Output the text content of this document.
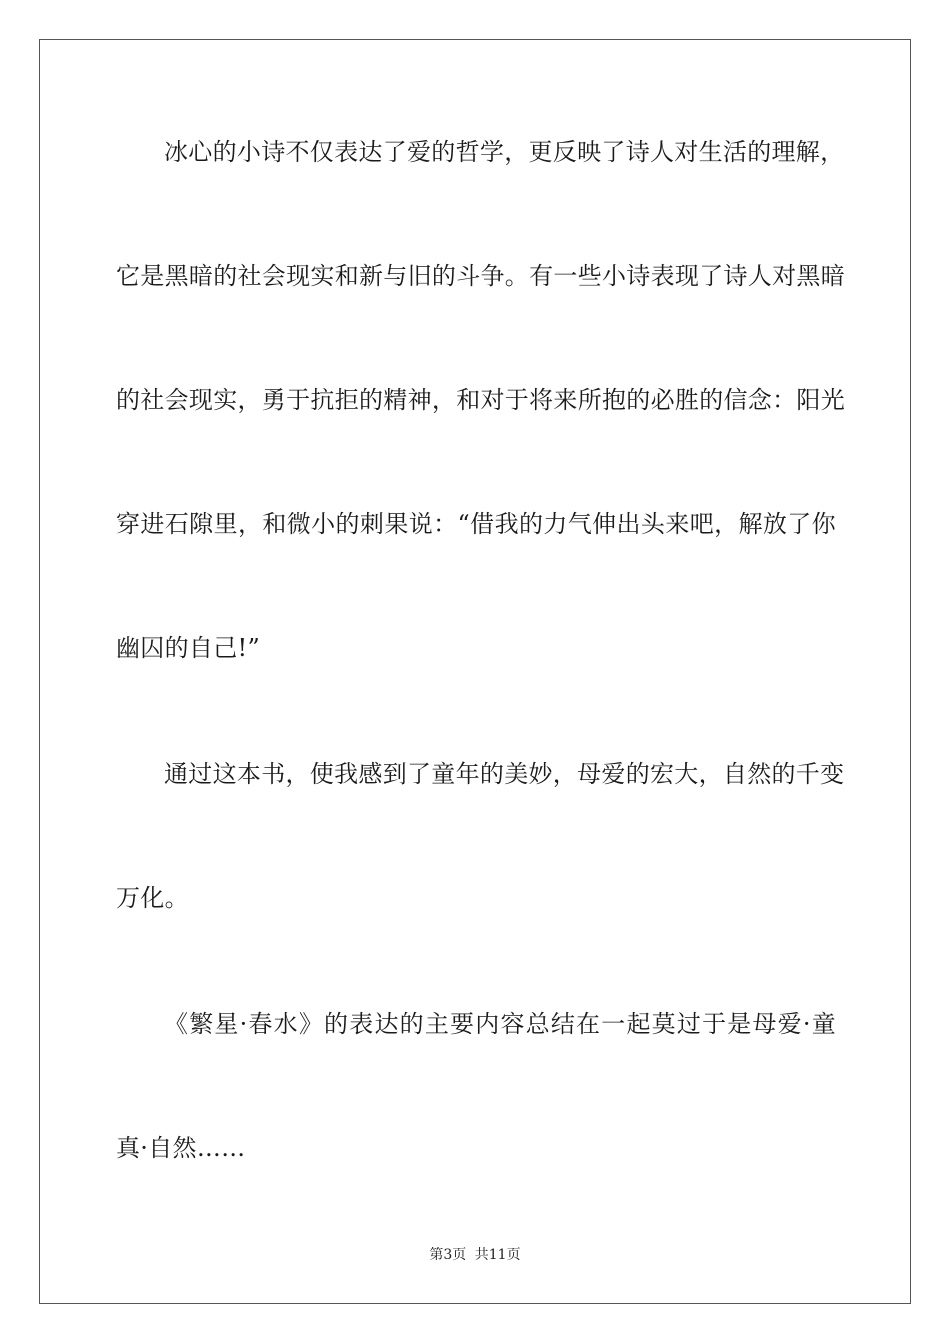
冰心的小诗不仅表达了爱的哲学，更反映了诗人对生活的理解，
它是黑暗的社会现实和新与旧的斗争。有一些小诗表现了诗人对黑暗
的社会现实，勇于抗拒的精神，和对于将来所抱的必胜的信念：阳光
穿进石隙里，和微小的刺果说：“借我的力气伸出头来吧，解放了你
幽囚的自己!”
通过这本书，使我感到了童年的美妙，母爱的宏大，自然的千变
万化。
《繁星·春水》的表达的主要内容总结在一起莫过于是母爱·童
真·自然……
第3页 共11页
